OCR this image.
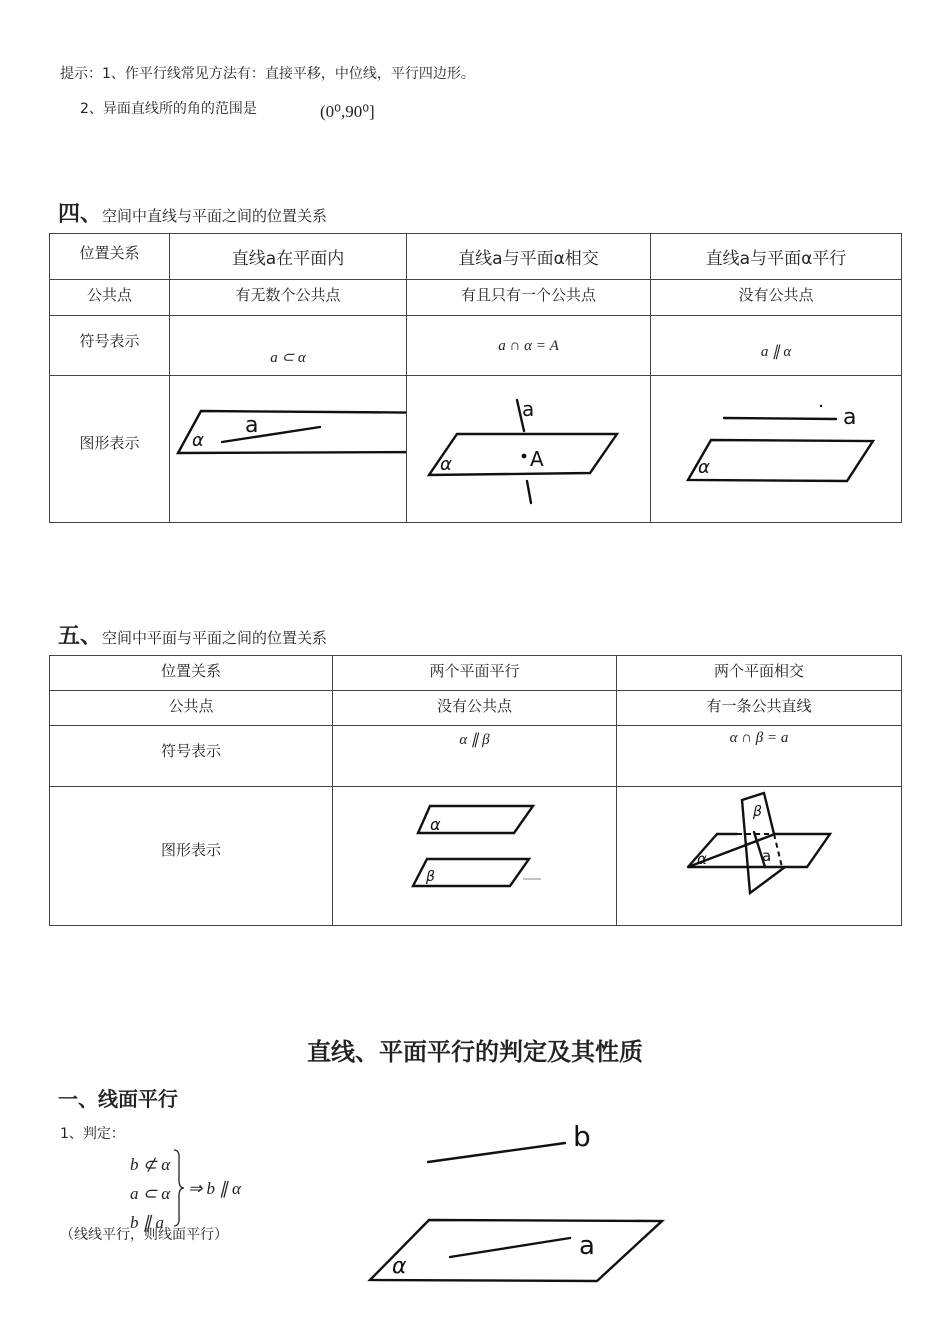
提示：1、作平行线常见方法有：直接平移，中位线，平行四边形。
2、异面直线所的角的范围是	(0⁰,90⁰]
四、空间中直线与平面之间的位置关系
位置关系	直线a在平面内	直线a与平面α相交	直线a与平面α平行
公共点	有无数个公共点	有且只有一个公共点	没有公共点
符号表示	a ⊂ α	a ∩ α = A	a ∥ α
图形表示	α
a	α
a
A	a
α
五、空间中平面与平面之间的位置关系
位置关系	两个平面平行	两个平面相交
公共点	没有公共点	有一条公共直线
符号表示	α ∥ β	α ∩ β = a
图形表示	α
β	β
α a
直线、平面平行的判定及其性质
一、线面平行
1、判定：
b ⊄ α
a ⊂ α
b ∥ a
⇒ b ∥ α
（线线平行，则线面平行）
b
a
α
